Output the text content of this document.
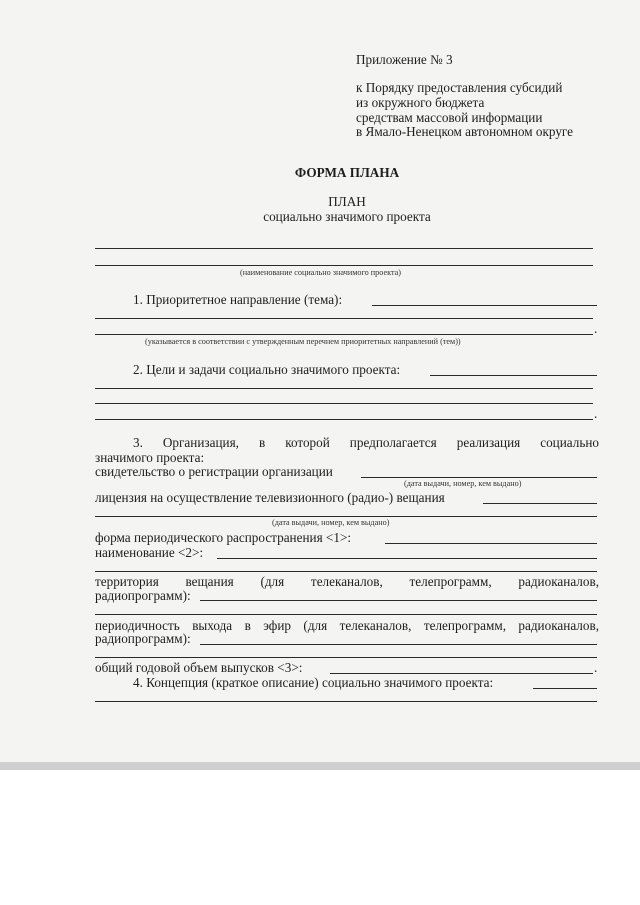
Приложение № 3
к Порядку предоставления субсидий
из окружного бюджета
средствам массовой информации
в Ямало-Ненецком автономном округе
ФОРМА ПЛАНА
ПЛАН
социально значимого проекта
(наименование социально значимого проекта)
1. Приоритетное направление (тема):
.
(указывается в соответствии с утвержденным перечнем приоритетных направлений (тем))
2. Цели и задачи социально значимого проекта:
.
3. Организация, в которой предполагается реализация социально
значимого проекта:
свидетельство о регистрации организации
(дата выдачи, номер, кем выдано)
лицензия на осуществление телевизионного (радио-) вещания
(дата выдачи, номер, кем выдано)
форма периодического распространения <1>:
наименование <2>:
территория вещания (для телеканалов, телепрограмм, радиоканалов,
радиопрограмм):
периодичность выхода в эфир (для телеканалов, телепрограмм, радиоканалов,
радиопрограмм):
общий годовой объем выпусков <3>:	.
4. Концепция (краткое описание) социально значимого проекта:
